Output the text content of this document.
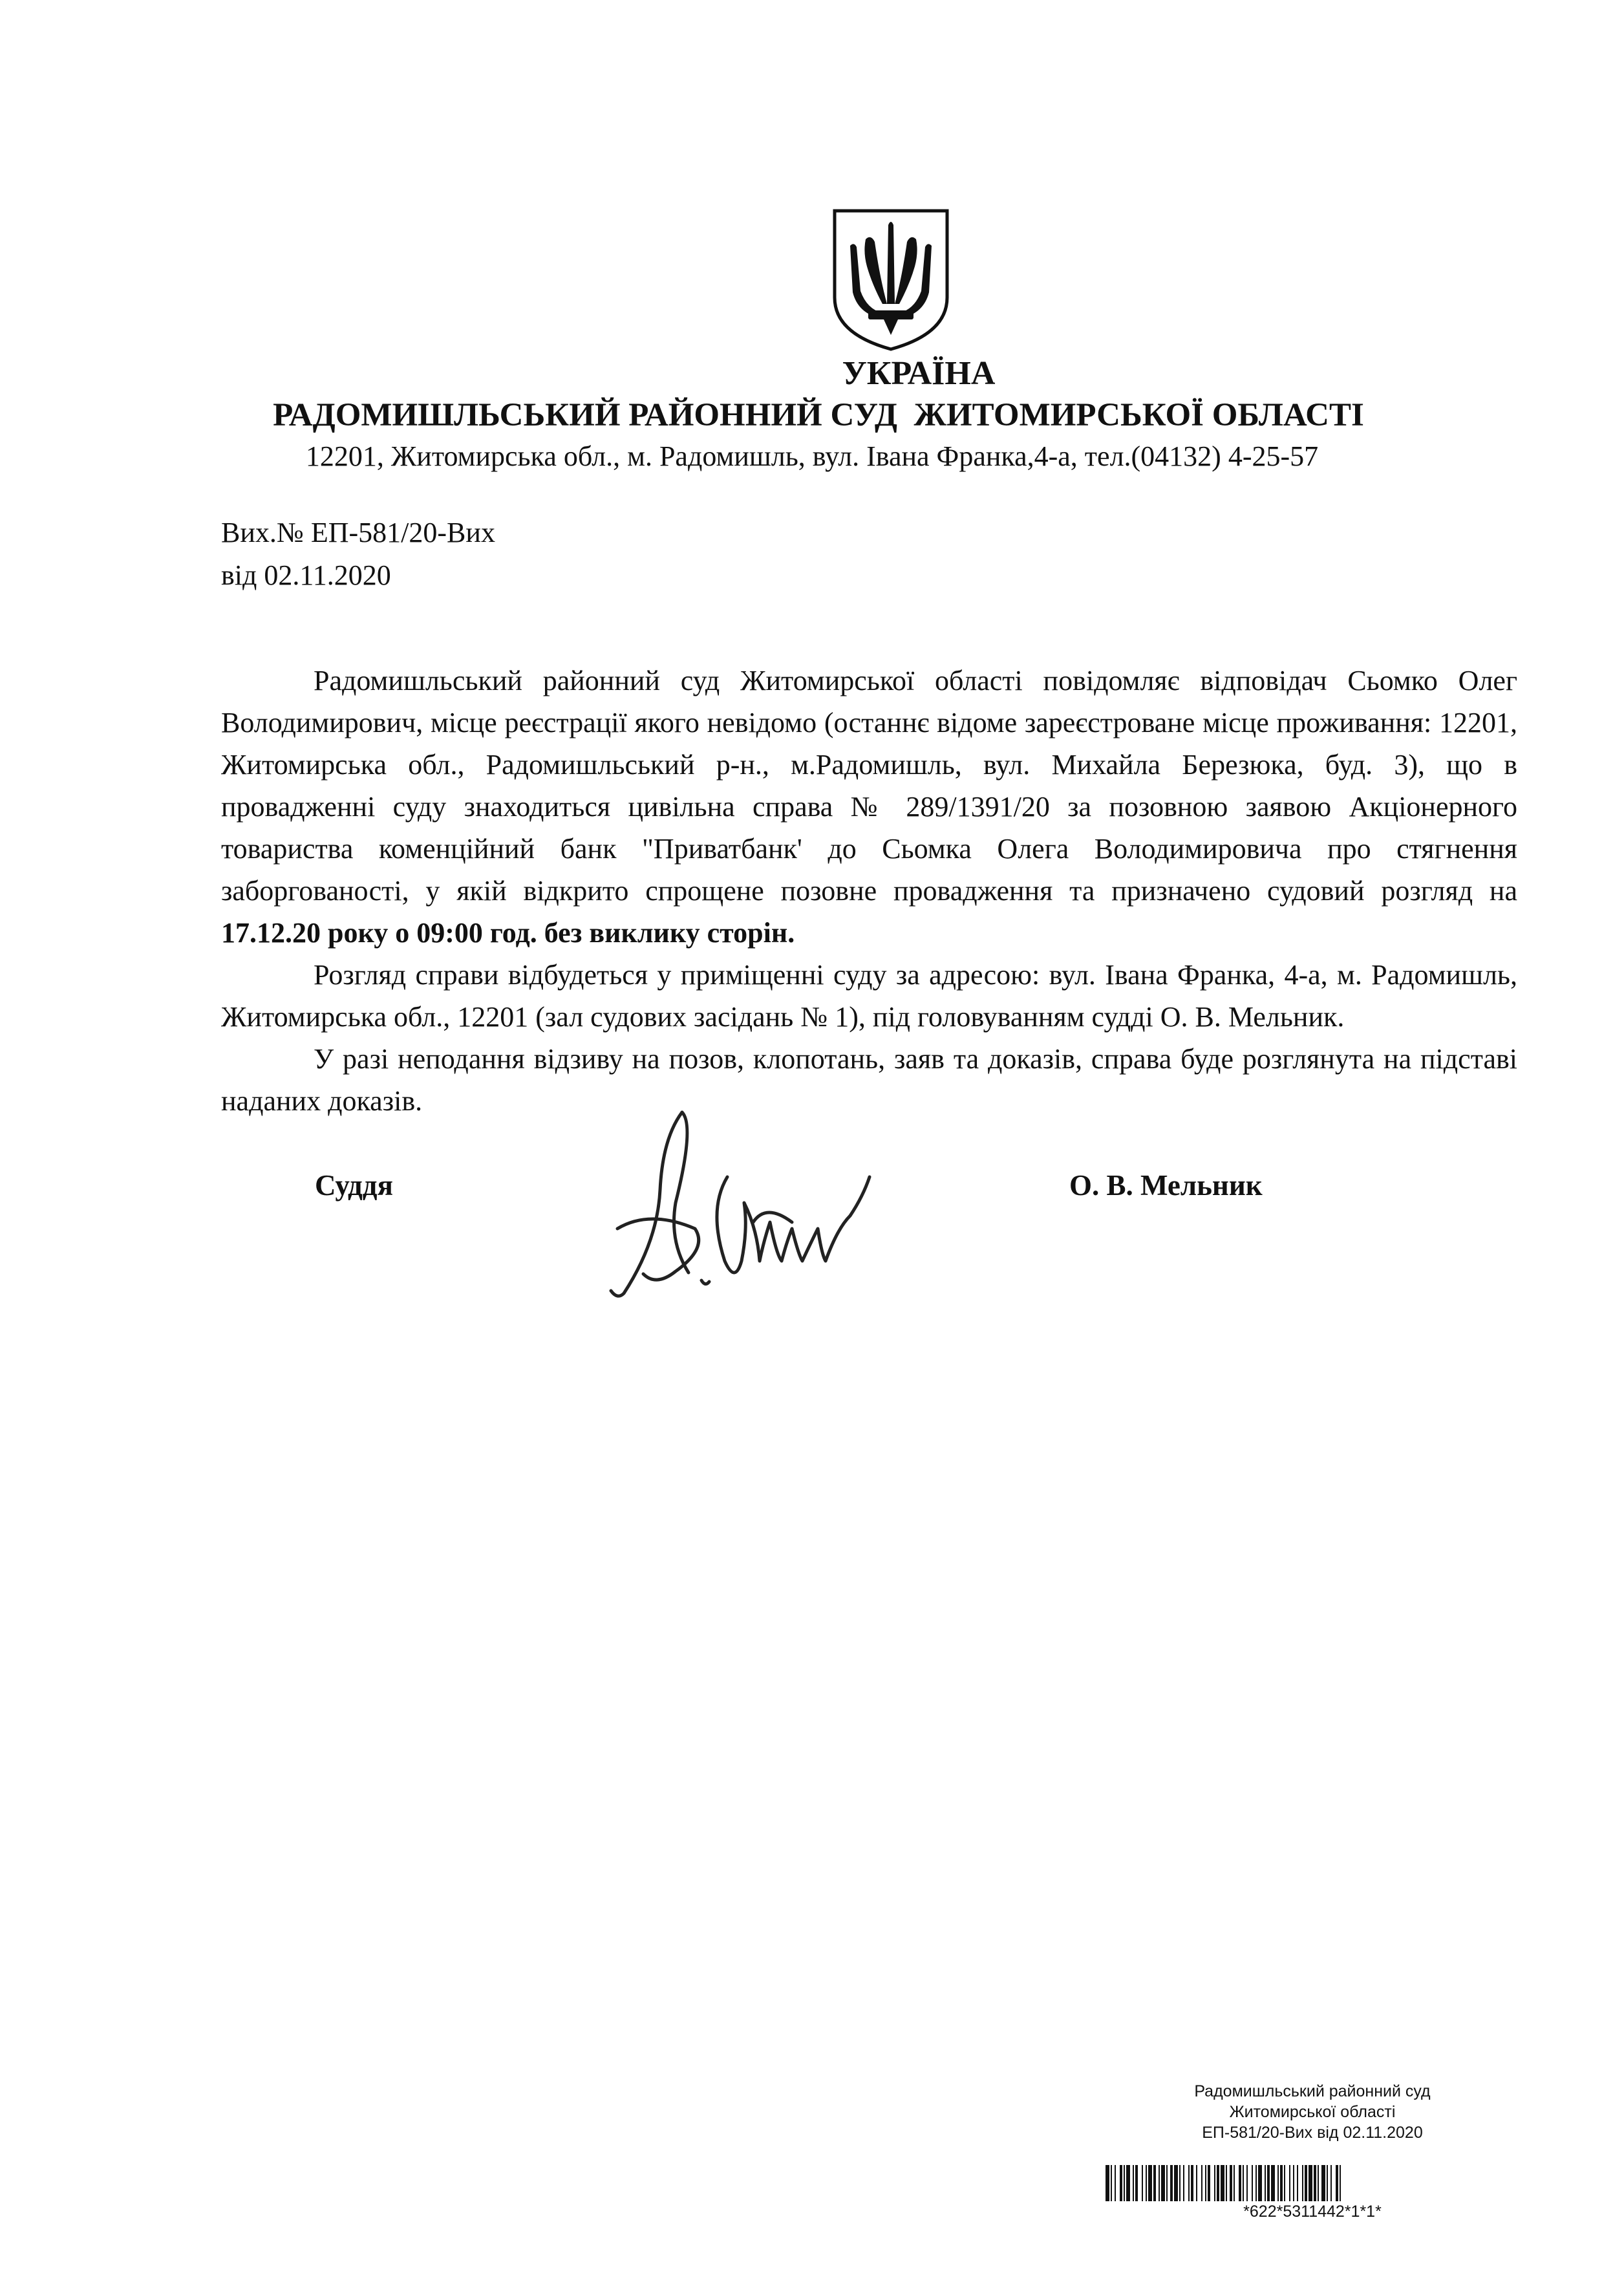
УКРАЇНА
РАДОМИШЛЬСЬКИЙ РАЙОННИЙ СУД  ЖИТОМИРСЬКОЇ ОБЛАСТІ
12201, Житомирська обл., м. Радомишль, вул. Івана Франка,4-а, тел.(04132) 4-25-57
Вих.№ ЕП-581/20-Вих
від 02.11.2020

Радомишльський районний суд Житомирської області повідомляє відповідач Сьомко Олег Володимирович, місце реєстрації якого невідомо (останнє відоме зареєстроване місце проживання: 12201, Житомирська обл., Радомишльський р-н., м.Радомишль, вул. Михайла Березюка, буд. 3), що в провадженні суду знаходиться цивільна справа № 289/1391/20 за позовною заявою Акціонерного товариства коменційний банк "Приватбанк' до Сьомка Олега Володимировича про стягнення заборгованості, у якій відкрито спрощене позовне провадження та призначено судовий розгляд на 17.12.20 року о 09:00 год. без виклику сторін.

Розгляд справи відбудеться у приміщенні суду за адресою: вул. Івана Франка, 4-а, м. Радомишль, Житомирська обл., 12201 (зал судових засідань № 1), під головуванням судді О. В. Мельник.

У разі неподання відзиву на позов, клопотань, заяв та доказів, справа буде розглянута на підставі наданих доказів.

Суддя	О. В. Мельник
Радомишльський районний суд
Житомирської області
ЕП-581/20-Вих від 02.11.2020
*622*5311442*1*1*
